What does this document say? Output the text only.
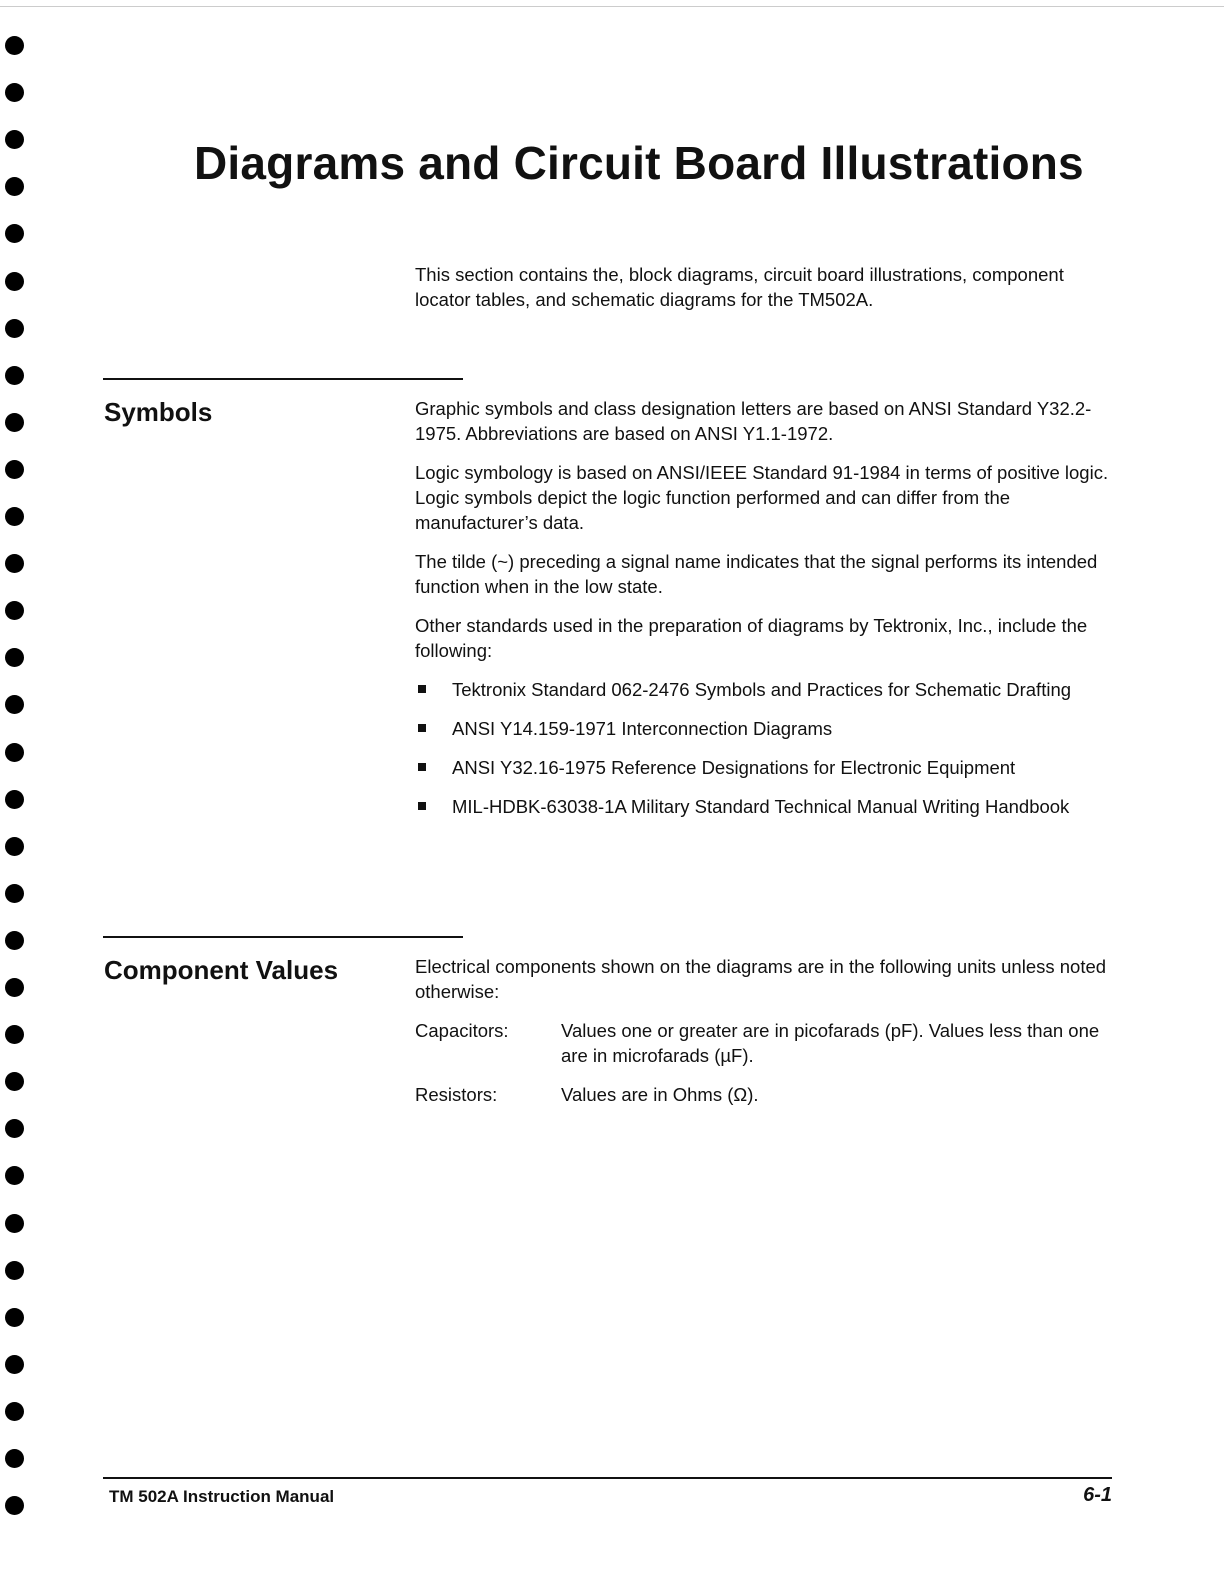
Diagrams and Circuit Board Illustrations

This section contains the, block diagrams, circuit board illustrations, component locator tables, and schematic diagrams for the TM502A.

Symbols	Graphic symbols and class designation letters are based on ANSI Standard Y32.2-1975. Abbreviations are based on ANSI Y1.1-1972.

Logic symbology is based on ANSI/IEEE Standard 91-1984 in terms of positive logic. Logic symbols depict the logic function performed and can differ from the manufacturer’s data.

The tilde (~) preceding a signal name indicates that the signal performs its intended function when in the low state.

Other standards used in the preparation of diagrams by Tektronix, Inc., include the following:

Tektronix Standard 062-2476 Symbols and Practices for Schematic Drafting
ANSI Y14.159-1971 Interconnection Diagrams
ANSI Y32.16-1975 Reference Designations for Electronic Equipment
MIL-HDBK-63038-1A Military Standard Technical Manual Writing Handbook
Component Values	Electrical components shown on the diagrams are in the following units unless noted otherwise:

Capacitors:	Values one or greater are in picofarads (pF). Values less than one are in microfarads (µF).
Resistors:	Values are in Ohms (Ω).
TM 502A Instruction Manual	6-1
